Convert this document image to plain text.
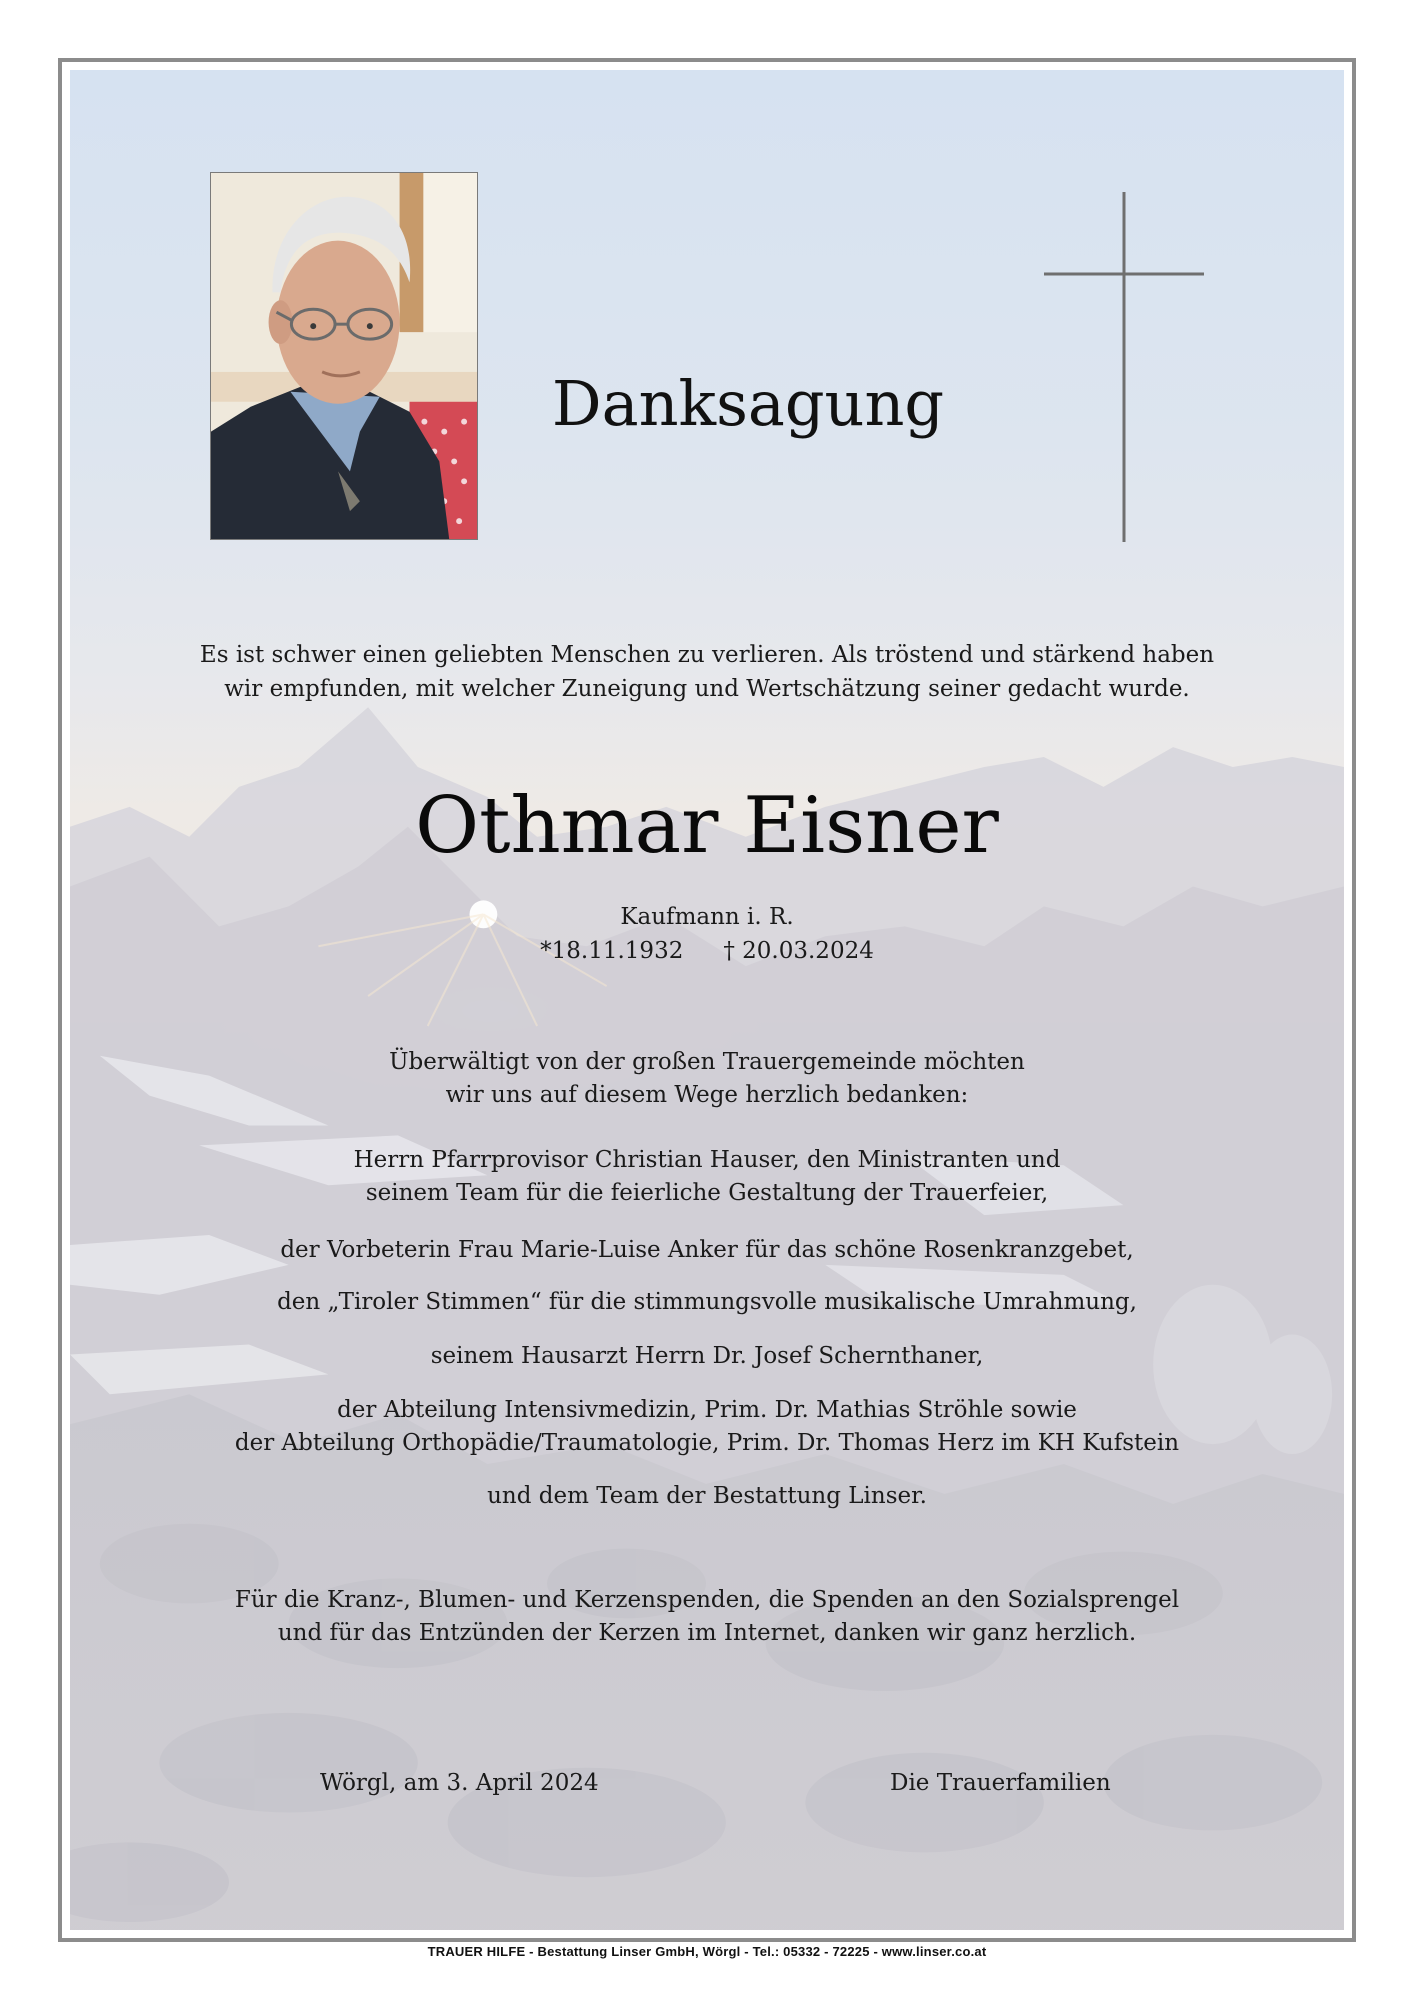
Danksagung
Es ist schwer einen geliebten Menschen zu verlieren. Als tröstend und stärkend haben
wir empfunden, mit welcher Zuneigung und Wertschätzung seiner gedacht wurde.
Othmar Eisner
Kaufmann i. R.
*18.11.1932 † 20.03.2024
Überwältigt von der großen Trauergemeinde möchten
wir uns auf diesem Wege herzlich bedanken:
Herrn Pfarrprovisor Christian Hauser, den Ministranten und
seinem Team für die feierliche Gestaltung der Trauerfeier,
der Vorbeterin Frau Marie-Luise Anker für das schöne Rosenkranzgebet,
den „Tiroler Stimmen“ für die stimmungsvolle musikalische Umrahmung,
seinem Hausarzt Herrn Dr. Josef Schernthaner,
der Abteilung Intensivmedizin, Prim. Dr. Mathias Ströhle sowie
der Abteilung Orthopädie/Traumatologie, Prim. Dr. Thomas Herz im KH Kufstein
und dem Team der Bestattung Linser.
Für die Kranz-, Blumen- und Kerzenspenden, die Spenden an den Sozialsprengel
und für das Entzünden der Kerzen im Internet, danken wir ganz herzlich.
Wörgl, am 3. April 2024	Die Trauerfamilien
TRAUER HILFE - Bestattung Linser GmbH, Wörgl - Tel.: 05332 - 72225 - www.linser.co.at
